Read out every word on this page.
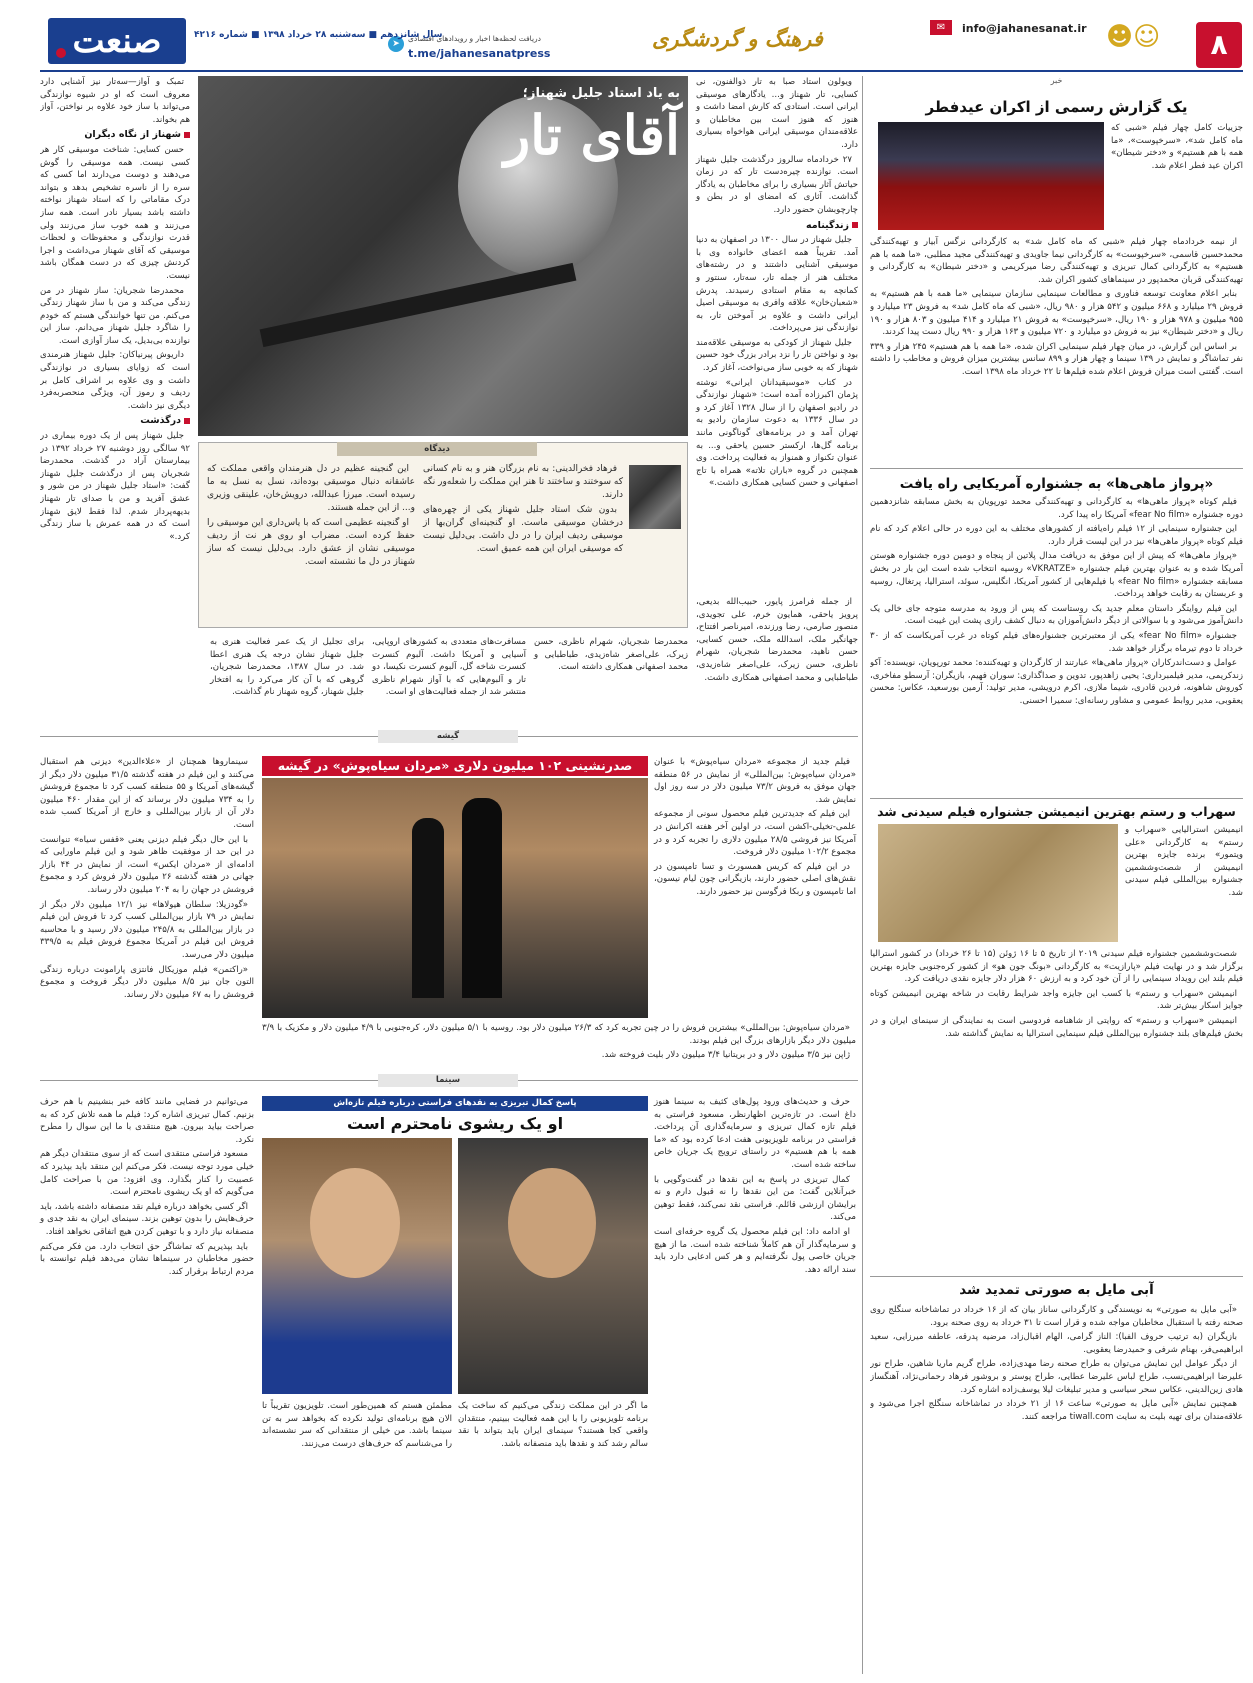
۸
☺☻
✉	info@jahanesanat.ir
فرهنگ و گردشگری
➤
دریافت لحظه‌ها اخبار و رویدادهای اقتصادی
t.me/jahanesanatpress
سال شانزدهم ■ سه‌شنبه ۲۸ خرداد ۱۳۹۸ ■ شماره ۴۲۱۶
صنعت
خبر
یک گزارش رسمی از اکران عیدفطر
جزییات کامل چهار فیلم «شبی که ماه کامل شد»، «سرخپوست»، «ما همه با هم هستیم» و «دختر شیطان» اکران عید فطر اعلام شد.

از نیمه خردادماه چهار فیلم «شبی که ماه کامل شد» به کارگردانی نرگس آبیار و تهیه‌کنندگی محمدحسین قاسمی، «سرخپوست» به کارگردانی نیما جاویدی و تهیه‌کنندگی مجید مطلبی، «ما همه با هم هستیم» به کارگردانی کمال تبریزی و تهیه‌کنندگی رضا میرکریمی و «دختر شیطان» به کارگردانی و تهیه‌کنندگی قربان محمدپور در سینماهای کشور اکران شد.

بنابر اعلام معاونت توسعه فناوری و مطالعات سینمایی سازمان سینمایی «ما همه با هم هستیم» به فروش ۲۹ میلیارد و ۶۶۸ میلیون و ۵۴۲ هزار و ۹۸۰ ریال، «شبی که ماه کامل شد» به فروش ۲۳ میلیارد و ۹۵۵ میلیون و ۹۷۸ هزار و ۱۹۰ ریال، «سرخپوست» به فروش ۲۱ میلیارد و ۴۱۴ میلیون و ۸۰۳ هزار و ۱۹۰ ریال و «دختر شیطان» نیز به فروش دو میلیارد و ۷۲۰ میلیون و ۱۶۳ هزار و ۹۹۰ ریال دست پیدا کردند.

بر اساس این گزارش، در میان چهار فیلم سینمایی اکران شده، «ما همه با هم هستیم» ۲۴۵ هزار و ۳۳۹ نفر تماشاگر و نمایش در ۱۳۹ سینما و چهار هزار و ۸۹۹ سانس بیشترین میزان فروش و مخاطب را داشته است. گفتنی است میزان فروش اعلام شده فیلم‌ها تا ۲۲ خرداد ماه ۱۳۹۸ است.

«پرواز ماهی‌ها» به جشنواره آمریکایی راه یافت

فیلم کوتاه «پرواز ماهی‌ها» به کارگردانی و تهیه‌کنندگی محمد تورپویان به بخش مسابقه شانزدهمین دوره جشنواره «fear No film» آمریکا راه پیدا کرد.

این جشنواره سینمایی از ۱۲ فیلم راه‌یافته از کشورهای مختلف به این دوره در حالی اعلام کرد که نام فیلم کوتاه «پرواز ماهی‌ها» نیز در این لیست قرار دارد.

«پرواز ماهی‌ها» که پیش از این موفق به دریافت مدال پلاتین از پنجاه و دومین دوره جشنواره هوستن آمریکا شده و به عنوان بهترین فیلم جشنواره «VKRATZE» روسیه انتخاب شده است این بار در بخش مسابقه جشنواره «fear No film» با فیلم‌هایی از کشور آمریکا، انگلیس، سوئد، استرالیا، پرتغال، روسیه و عربستان به رقابت خواهد پرداخت.

این فیلم روایتگر داستان معلم جدید یک روستاست که پس از ورود به مدرسه متوجه جای خالی یک دانش‌آموز می‌شود و با سوالاتی از دیگر دانش‌آموزان به دنبال کشف رازی پشت این غیبت است.

جشنواره «fear No film» یکی از معتبرترین جشنواره‌های فیلم کوتاه در غرب آمریکاست که از ۳۰ خرداد تا دوم تیرماه برگزار خواهد شد.

عوامل و دست‌اندرکاران «پرواز ماهی‌ها» عبارتند از کارگردان و تهیه‌کننده: محمد تورپویان، نویسنده: آکو زندکریمی، مدیر فیلمبرداری: یحیی زاهدپور، تدوین و صداگذاری: سوران فهیم، بازیگران: آرسطو مفاخری، کوروش شاهونه، فردین قادری، شیما ملازی، اکرم درویشی، مدیر تولید: آرمین بورسعید، عکاس: محسن یعقوبی، مدیر روابط عمومی و مشاور رسانه‌ای: سمیرا احسنی.

سهراب و رستم بهترین انیمیشن جشنواره فیلم سیدنی شد
انیمیشن استرالیایی «سهراب و رستم» به کارگردانی «علی ویتمور» برنده جایزه بهترین انیمیشن از شصت‌وششمین جشنواره بین‌المللی فیلم سیدنی شد.

شصت‌وششمین جشنواره فیلم سیدنی ۲۰۱۹ از تاریخ ۵ تا ۱۶ ژوئن (۱۵ تا ۲۶ خرداد) در کشور استرالیا برگزار شد و در نهایت فیلم «پارازیت» به کارگردانی «بونگ جون هو» از کشور کره‌جنوبی جایزه بهترین فیلم بلند این رویداد سینمایی را از آن خود کرد و به ارزش ۶۰ هزار دلار جایزه نقدی دریافت کرد.

انیمیشن «سهراب و رستم» با کسب این جایزه واجد شرایط رقابت در شاخه بهترین انیمیشن کوتاه جوایز اسکار بیش‌تر شد.

انیمیشن «سهراب و رستم» که روایتی از شاهنامه فردوسی است به نمایندگی از سینمای ایران و در بخش فیلم‌های بلند جشنواره بین‌المللی فیلم سینمایی استرالیا به نمایش گذاشته شد.

آبی مایل به صورتی تمدید شد

«آبی مایل به صورتی» به نویسندگی و کارگردانی ساناز بیان که از ۱۶ خرداد در تماشاخانه سنگلج روی صحنه رفته با استقبال مخاطبان مواجه شده و قرار است تا ۳۱ خرداد به روی صحنه برود.

بازیگران (به ترتیب حروف الفبا): الناز گرامی، الهام اقبال‌زاد، مرضیه پدرقه، عاطفه میرزایی، سعید ابراهیمی‌فر، بهنام شرفی و حمیدرضا یعقوبی.

از دیگر عوامل این نمایش می‌توان به طراح صحنه رضا مهدی‌زاده، طراح گریم ماریا شاهین، طراح نور علیرضا ابراهیمی‌نسب، طراح لباس علیرضا عطایی، طراح پوستر و بروشور فرهاد رحمانی‌نژاد، آهنگساز هادی زین‌الدینی، عکاس سحر سیاسی و مدیر تبلیغات لیلا یوسف‌زاده اشاره کرد.

همچنین نمایش «آبی مایل به صورتی» ساعت ۱۶ از ۲۱ خرداد در تماشاخانه سنگلج اجرا می‌شود و علاقه‌مندان برای تهیه بلیت به سایت tiwall.com مراجعه کنند.

تمبک و آواز—سه‌تار نیز آشنایی دارد معروف است که او در شیوه نوازندگی می‌تواند با ساز خود علاوه بر نواختن، آواز هم بخواند.

شهناز از نگاه دیگران

حسن کسایی: شناخت موسیقی کار هر کسی نیست. همه موسیقی را گوش می‌دهند و دوست می‌دارند اما کسی که سره را از ناسره تشخیص بدهد و بتواند درک مقاماتی را که استاد شهناز نواخته داشته باشد بسیار نادر است. همه ساز می‌زنند و همه خوب ساز می‌زنند ولی قدرت نوازندگی و محفوظات و لحظات موسیقی که آقای شهناز می‌داشت و اجرا کردنش چیزی که در دست همگان باشد نیست.

محمدرضا شجریان: ساز شهناز در من زندگی می‌کند و من با ساز شهناز زندگی می‌کنم. من تنها خوانندگی هستم که خودم را شاگرد جلیل شهناز می‌دانم. ساز این نوازنده بی‌بدیل، یک ساز آوازی است.

داریوش پیرنیاکان: جلیل شهناز هنرمندی است که زوایای بسیاری در نوازندگی داشت و وی علاوه بر اشراف کامل بر ردیف و رموز آن، ویژگی منحصربه‌فرد دیگری نیز داشت.

درگذشت

جلیل شهناز پس از یک دوره بیماری در ۹۲ سالگی روز دوشنبه ۲۷ خرداد ۱۳۹۲ در بیمارستان آراد در گذشت. محمدرضا شجریان پس از درگذشت جلیل شهناز گفت: «استاد جلیل شهناز در من شور و عشق آفرید و من با صدای تار شهناز بدیهه‌پرداز شدم. لذا فقط لایق شهناز است که در همه عمرش با ساز زندگی کرد.»

به یاد استاد جلیل شهناز؛
آقای تار

ویولون استاد صبا به تار ذوالفنون، نی کسایی، تار شهناز و... یادگارهای موسیقی ایرانی است. استادی که کارش امضا داشت و هنوز که هنوز است بین مخاطبان و علاقه‌مندان موسیقی ایرانی هواخواه بسیاری دارد.

۲۷ خردادماه سالروز درگذشت جلیل شهناز است. نوازنده چیره‌دست تار که در زمان حیاتش آثار بسیاری را برای مخاطبان به یادگار گذاشت. آثاری که امضای او در بطن و چارچوبشان حضور دارد.

زندگینامه

جلیل شهناز در سال ۱۳۰۰ در اصفهان به دنیا آمد. تقریباً همه اعضای خانواده وی با موسیقی آشنایی داشتند و در رشته‌های مختلف هنر از جمله تار، سه‌تار، سنتور و کمانچه به مقام استادی رسیدند. پدرش «شعبان‌خان» علاقه وافری به موسیقی اصیل ایرانی داشت و علاوه بر آموختن تار، به نوازندگی نیز می‌پرداخت.

جلیل شهناز از کودکی به موسیقی علاقه‌مند بود و نواختن تار را نزد برادر بزرگ خود حسین شهناز که به خوبی ساز می‌نواخت، آغاز کرد.

در کتاب «موسیقیدانان ایرانی» نوشته پژمان اکبرزاده آمده است: «شهناز نوازندگی در رادیو اصفهان را از سال ۱۳۲۸ آغاز کرد و در سال ۱۳۳۶ به دعوت سازمان رادیو به تهران آمد و در برنامه‌های گوناگونی مانند برنامه گل‌ها، ارکستر حسین یاحقی و... به عنوان تکنواز و همنواز به فعالیت پرداخت. وی همچنین در گروه «باران تلاته» همراه با تاج اصفهانی و حسن کسایی همکاری داشت.»

دیدگاه

فرهاد فخرالدینی: به نام بزرگان هنر و به نام کسانی که سوختند و ساختند تا هنر این مملکت را شعله‌ور نگه دارند.

بدون شک استاد جلیل شهناز یکی از چهره‌های درخشان موسیقی ماست. او گنجینه‌ای گران‌بها از موسیقی ردیف ایران را در دل داشت. بی‌دلیل نیست که موسیقی ایران این همه عمیق است.

این گنجینه عظیم در دل هنرمندان واقعی مملکت که عاشقانه دنبال موسیقی بوده‌اند، نسل به نسل به ما رسیده است. میرزا عبدالله، درویش‌خان، علینقی وزیری و... از این جمله هستند.

او گنجینه عظیمی است که با یاس‌داری این موسیقی را حفظ کرده است. مضراب او روی هر نت از ردیف موسیقی نشان از عشق دارد. بی‌دلیل نیست که ساز شهناز در دل ما نشسته است.

از جمله فرامرز پایور، حبیب‌الله بدیعی، پرویز یاحقی، همایون خرم، علی تجویدی، منصور صارمی، رضا ورزنده، امیرناصر افتتاح، جهانگیر ملک، اسدالله ملک، حسن کسایی، حسن ناهید، محمدرضا شجریان، شهرام ناظری، حسن زیرک، علی‌اصغر شاه‌زیدی، طباطبایی و محمد اصفهانی همکاری داشت.

محمدرضا شجریان، شهرام ناظری، حسن زیرک، علی‌اصغر شاه‌زیدی، طباطبایی و محمد اصفهانی همکاری داشته است.
مسافرت‌های متعددی به کشورهای اروپایی، آسیایی و آمریکا داشت. آلبوم کنسرت کنسرت شاخه گل، آلبوم کنسرت نکیسا، دو تار و آلبوم‌هایی که با آواز شهرام ناظری منتشر شد از جمله فعالیت‌های او است.
برای تجلیل از یک عمر فعالیت هنری به جلیل شهناز نشان درجه یک هنری اعطا شد. در سال ۱۳۸۷، محمدرضا شجریان، گروهی که با آن کار می‌کرد را به افتخار جلیل شهناز، گروه شهناز نام گذاشت.
گیشه
صدرنشینی ۱۰۲ میلیون دلاری «مردان سیاه‌پوش» در گیشه	فیلم جدید از مجموعه «مردان سیاه‌پوش» با عنوان «مردان سیاه‌پوش: بین‌المللی» از نمایش در ۵۶ منطقه جهان موفق به فروش ۷۳/۲ میلیون دلار در سه روز اول نمایش شد.

این فیلم که جدیدترین فیلم محصول سونی از مجموعه علمی-تخیلی-اکشن است، در اولین آخر هفته اکرانش در آمریکا نیز فروشی ۲۸/۵ میلیون دلاری را تجربه کرد و در مجموع ۱۰۲/۲ میلیون دلار فروخت.

در این فیلم که کریس همسورث و تسا تامپسون در نقش‌های اصلی حضور دارند، بازیگرانی چون لیام نیسون، اما تامپسون و ربکا فرگوسن نیز حضور دارند.

«مردان سیاه‌پوش: بین‌المللی» بیشترین فروش را در چین تجربه کرد که ۲۶/۳ میلیون دلار بود. روسیه با ۵/۱ میلیون دلار، کره‌جنوبی با ۴/۹ میلیون دلار و مکزیک با ۳/۹ میلیون دلار دیگر بازارهای بزرگ این فیلم بودند.

ژاپن نیز ۳/۵ میلیون دلار و در بریتانیا ۳/۴ میلیون دلار بلیت فروخته شد.

سینماروها همچنان از «علاءالدین» دیزنی هم استقبال می‌کنند و این فیلم در هفته گذشته ۳۱/۵ میلیون دلار دیگر از گیشه‌های آمریکا و ۵۵ منطقه کسب کرد تا مجموع فروشش را به ۷۳۴ میلیون دلار برساند که از این مقدار ۴۶۰ میلیون دلار آن از بازار بین‌المللی و خارج از آمریکا کسب شده است.

با این حال دیگر فیلم دیزنی یعنی «قفس سیاه» تنوانست در این حد از موفقیت ظاهر شود و این فیلم ماورایی که ادامه‌ای از «مردان ایکس» است، از نمایش در ۴۴ بازار جهانی در هفته گذشته ۲۶ میلیون دلار فروش کرد و مجموع فروشش در جهان را به ۲۰۴ میلیون دلار رساند.

«گودزیلا: سلطان هیولاها» نیز ۱۲/۱ میلیون دلار دیگر از نمایش در ۷۹ بازار بین‌المللی کسب کرد تا فروش این فیلم در بازار بین‌المللی به ۲۴۵/۸ میلیون دلار رسید و با محاسبه فروش این فیلم در آمریکا مجموع فروش فیلم به ۳۳۹/۵ میلیون دلار می‌رسد.

«راکتمن» فیلم موزیکال فانتزی پارامونت درباره زندگی التون جان نیز ۸/۵ میلیون دلار دیگر فروخت و مجموع فروشش را به ۶۷ میلیون دلار رساند.

سینما
پاسخ کمال تبریزی به نقدهای فراستی درباره فیلم تازه‌اش
او یک ریشوی نامحترم است
مطمئن هستم که همین‌طور است. تلویزیون تقریباً تا الان هیچ برنامه‌ای تولید نکرده که بخواهد سر به تن سینما باشد. من خیلی از منتقدانی که سر نشسته‌اند را می‌شناسم که حرف‌های درست می‌زنند.
ما اگر در این مملکت زندگی می‌کنیم که ساخت یک برنامه تلویزیونی را با این همه فعالیت ببینیم، منتقدان واقعی کجا هستند؟ سینمای ایران باید بتواند با نقد سالم رشد کند و نقدها باید منصفانه باشد.

حرف و حدیث‌های ورود پول‌های کثیف به سینما هنوز داغ است. در تازه‌ترین اظهارنظر، مسعود فراستی به فیلم تازه کمال تبریزی و سرمایه‌گذاری آن پرداخت. فراستی در برنامه تلویزیونی هفت ادعا کرده بود که «ما همه با هم هستیم» در راستای ترویج یک جریان خاص ساخته شده است.

کمال تبریزی در پاسخ به این نقدها در گفت‌وگویی با خبرآنلاین گفت: من این نقدها را نه قبول دارم و نه برایشان ارزشی قائلم. فراستی نقد نمی‌کند، فقط توهین می‌کند.

او ادامه داد: این فیلم محصول یک گروه حرفه‌ای است و سرمایه‌گذار آن هم کاملاً شناخته شده است. ما از هیچ جریان خاصی پول نگرفته‌ایم و هر کس ادعایی دارد باید سند ارائه دهد.

می‌توانیم در فضایی مانند کافه خبر بنشینیم با هم حرف بزنیم. کمال تبریزی اشاره کرد: فیلم ما همه تلاش کرد که به صراحت بیاید بیرون. هیچ منتقدی با ما این سوال را مطرح نکرد.

مسعود فراستی منتقدی است که از سوی منتقدان دیگر هم خیلی مورد توجه نیست. فکر می‌کنم این منتقد باید بپذیرد که عصبیت را کنار بگذارد. وی افزود: من با صراحت کامل می‌گویم که او یک ریشوی نامحترم است.

اگر کسی بخواهد درباره فیلم نقد منصفانه داشته باشد، باید حرف‌هایش را بدون توهین بزند. سینمای ایران به نقد جدی و منصفانه نیاز دارد و با توهین کردن هیچ اتفاقی نخواهد افتاد.

باید بپذیریم که تماشاگر حق انتخاب دارد. من فکر می‌کنم حضور مخاطبان در سینماها نشان می‌دهد فیلم توانسته با مردم ارتباط برقرار کند.
